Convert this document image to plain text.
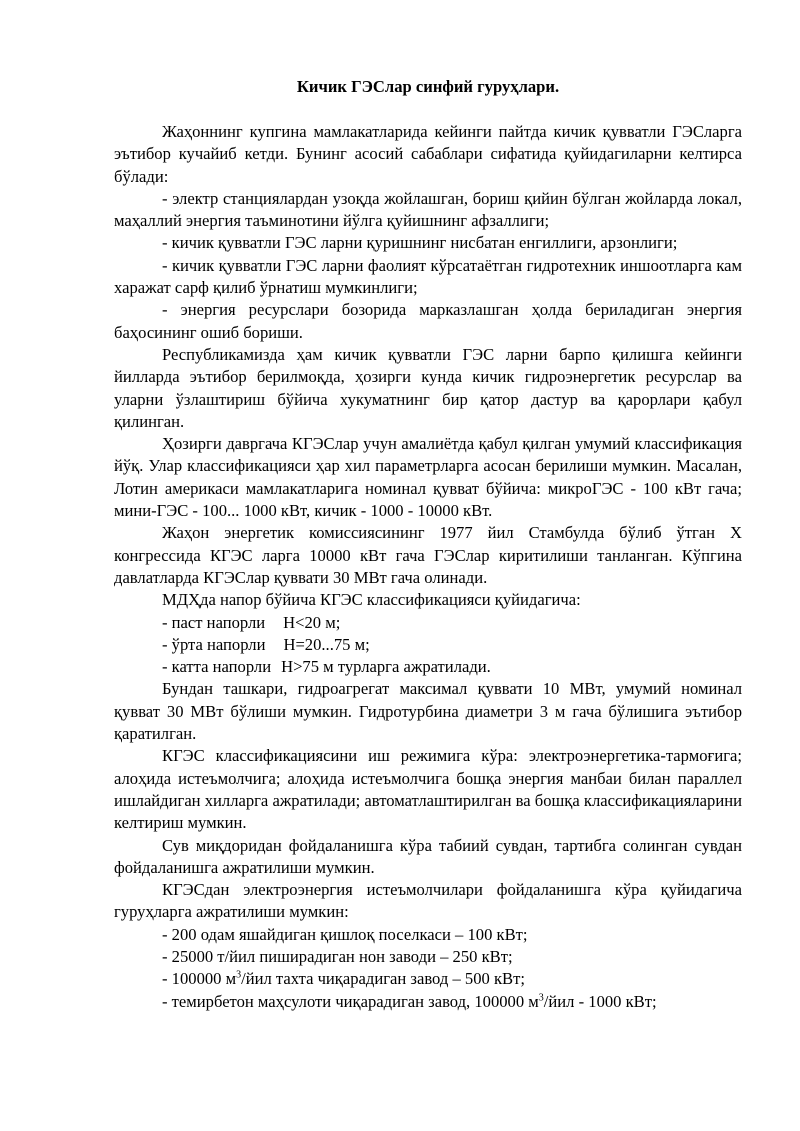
Кичик ГЭСлар синфий гуруҳлари.

Жаҳоннинг купгина мамлакатларида кейинги пайтда кичик қувватли ГЭСларга эътибор кучайиб кетди. Бунинг асосий сабаблари сифатида қуйидагиларни келтирса бўлади:

- электр станциялардан узоқда жойлашган, бориш қийин бўлган жойларда локал, маҳаллий энергия таъминотини йўлга қуйишнинг афзаллиги;

- кичик қувватли ГЭС ларни қуришнинг нисбатан енгиллиги, арзонлиги;

- кичик қувватли ГЭС ларни фаолият кўрсатаётган гидротехник иншоотларга кам харажат сарф қилиб ўрнатиш мумкинлиги;

- энергия ресурслари бозорида марказлашган ҳолда бериладиган энергия баҳосининг ошиб бориши.

Республикамизда ҳам кичик қувватли ГЭС ларни барпо қилишга кейинги йилларда эътибор берилмоқда, ҳозирги кунда кичик гидроэнергетик ресурслар ва уларни ўзлаштириш бўйича хукуматнинг бир қатор дастур ва қарорлари қабул қилинган.

Ҳозирги давргача КГЭСлар учун амалиётда қабул қилган умумий классификация йўқ. Улар классификацияси ҳар хил параметрларга асосан берилиши мумкин. Масалан, Лотин америкаси мамлакатларига номинал қувват бўйича: микроГЭС - 100 кВт гача; мини-ГЭС - 100... 1000 кВт, кичик - 1000 - 10000 кВт.

Жаҳон энергетик комиссиясининг 1977 йил Стамбулда бўлиб ўтган Х конгрессида КГЭС ларга 10000 кВт гача ГЭСлар киритилиши танланган. Кўпгина давлатларда КГЭСлар қуввати 30 МВт гача олинади.

МДҲда напор бўйича КГЭС классификацияси қуйидагича:

- паст напорли Н<20 м;

- ўрта напорли Н=20...75 м;

- катта напорли Н>75 м турларга ажратилади.

Бундан ташкари, гидроагрегат максимал қуввати 10 МВт, умумий номинал қувват 30 МВт бўлиши мумкин. Гидротурбина диаметри 3 м гача бўлишига эътибор қаратилган.

КГЭС классификациясини иш режимига кўра: электроэнергетика-тармоғига; алоҳида истеъмолчига; алоҳида истеъмолчига бошқа энергия манбаи билан параллел ишлайдиган хилларга ажратилади; автоматлаштирилган ва бошқа классификацияларини келтириш мумкин.

Сув миқдоридан фойдаланишга кўра табиий сувдан, тартибга солинган сувдан фойдаланишга ажратилиши мумкин.

КГЭСдан электроэнергия истеъмолчилари фойдаланишга кўра қуйидагича гуруҳларга ажратилиши мумкин:

- 200 одам яшайдиган қишлоқ поселкаси – 100 кВт;

- 25000 т/йил пиширадиган нон заводи – 250 кВт;

- 100000 $м^3$/йил тахта чиқарадиган завод – 500 кВт;

- темирбетон маҳсулоти чиқарадиган завод, 100000 $м^3$/йил - 1000 кВт;
